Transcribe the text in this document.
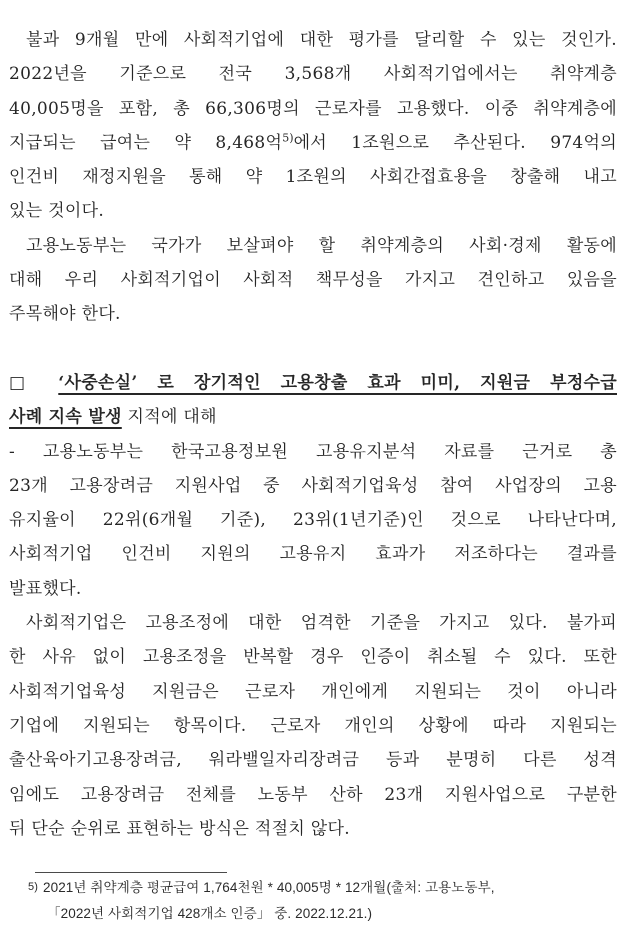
불과 9개월 만에 사회적기업에 대한 평가를 달리할 수 있는 것인가.
2022년을 기준으로 전국 3,568개 사회적기업에서는 취약계층
40,005명을 포함, 총 66,306명의 근로자를 고용했다. 이중 취약계층에
지급되는 급여는 약 8,468억$^{5)}$에서 1조원으로 추산된다. 974억의
인건비 재정지원을 통해 약 1조원의 사회간접효용을 창출해 내고
있는 것이다.
고용노동부는 국가가 보살펴야 할 취약계층의 사회·경제 활동에
대해 우리 사회적기업이 사회적 책무성을 가지고 견인하고 있음을
주목해야 한다.
□ ‘사중손실’ 로 장기적인 고용창출 효과 미미, 지원금 부정수급
사례 지속 발생 지적에 대해
- 고용노동부는 한국고용정보원 고용유지분석 자료를 근거로 총
23개 고용장려금 지원사업 중 사회적기업육성 참여 사업장의 고용
유지율이 22위(6개월 기준), 23위(1년기준)인 것으로 나타난다며,
사회적기업 인건비 지원의 고용유지 효과가 저조하다는 결과를
발표했다.
사회적기업은 고용조정에 대한 엄격한 기준을 가지고 있다. 불가피
한 사유 없이 고용조정을 반복할 경우 인증이 취소될 수 있다. 또한
사회적기업육성 지원금은 근로자 개인에게 지원되는 것이 아니라
기업에 지원되는 항목이다. 근로자 개인의 상황에 따라 지원되는
출산육아기고용장려금, 워라밸일자리장려금 등과 분명히 다른 성격
임에도 고용장려금 전체를 노동부 산하 23개 지원사업으로 구분한
뒤 단순 순위로 표현하는 방식은 적절치 않다.
5) 2021년 취약계층 평균급여 1,764천원 * 40,005명 * 12개월(출처: 고용노동부,
「2022년 사회적기업 428개소 인증」 중. 2022.12.21.)
